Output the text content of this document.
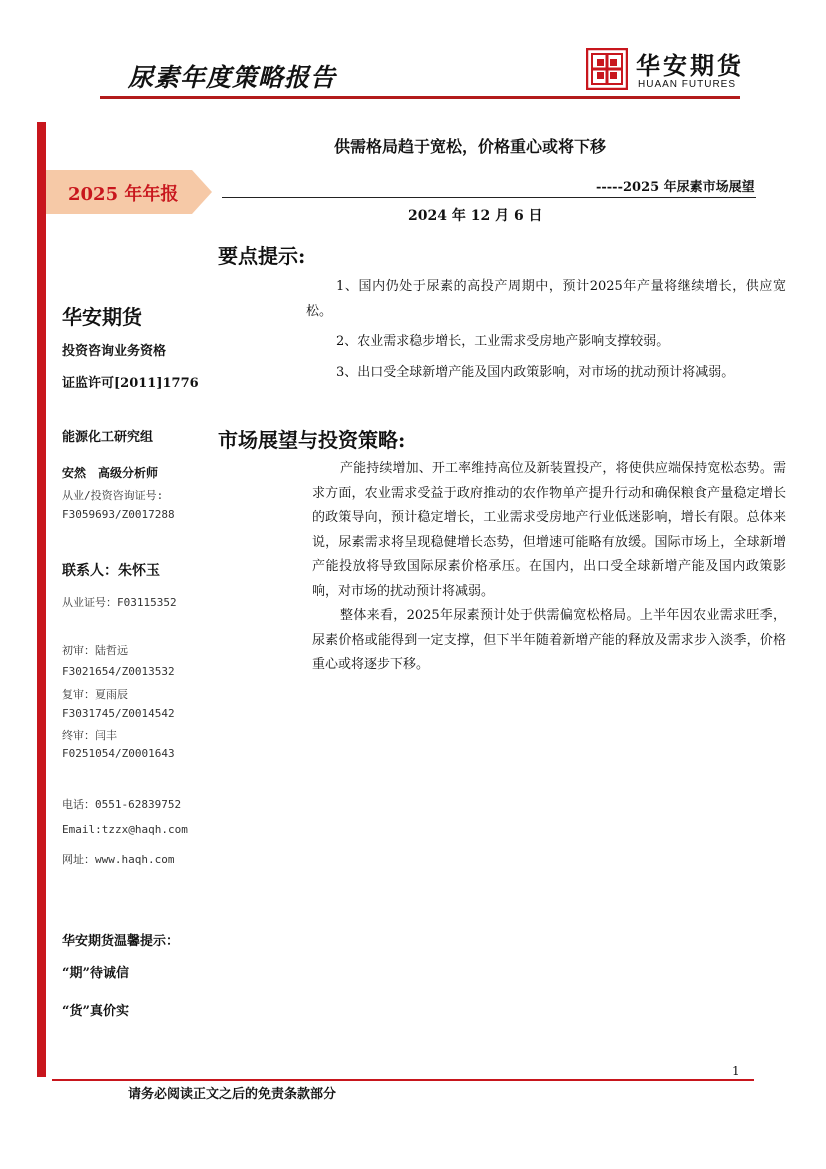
尿素年度策略报告	华安期货
HUAAN FUTURES
供需格局趋于宽松，价格重心或将下移
2025 年年报	-----2025 年尿素市场展望
2024 年 12 月 6 日
要点提示:

1、国内仍处于尿素的高投产周期中，预计2025年产量将继续增长，供应宽松。

2、农业需求稳步增长，工业需求受房地产影响支撑较弱。

3、出口受全球新增产能及国内政策影响，对市场的扰动预计将减弱。

市场展望与投资策略:

产能持续增加、开工率维持高位及新装置投产，将使供应端保持宽松态势。需求方面，农业需求受益于政府推动的农作物单产提升行动和确保粮食产量稳定增长的政策导向，预计稳定增长，工业需求受房地产行业低迷影响，增长有限。总体来说，尿素需求将呈现稳健增长态势，但增速可能略有放缓。国际市场上，全球新增产能投放将导致国际尿素价格承压。在国内，出口受全球新增产能及国内政策影响，对市场的扰动预计将减弱。

整体来看，2025年尿素预计处于供需偏宽松格局。上半年因农业需求旺季，尿素价格或能得到一定支撑，但下半年随着新增产能的释放及需求步入淡季，价格重心或将逐步下移。

华安期货
投资咨询业务资格
证监许可[2011]1776
能源化工研究组
安然　高级分析师
从业/投资咨询证号:
F3059693/Z0017288
联系人：朱怀玉
从业证号：F03115352
初审：陆哲远
F3021654/Z0013532
复审：夏雨辰
F3031745/Z0014542
终审：闫丰
F0251054/Z0001643
电话：0551-62839752
Email:tzzx@haqh.com
网址：www.haqh.com
华安期货温馨提示：
“期”待诚信
“货”真价实
1
请务必阅读正文之后的免责条款部分
